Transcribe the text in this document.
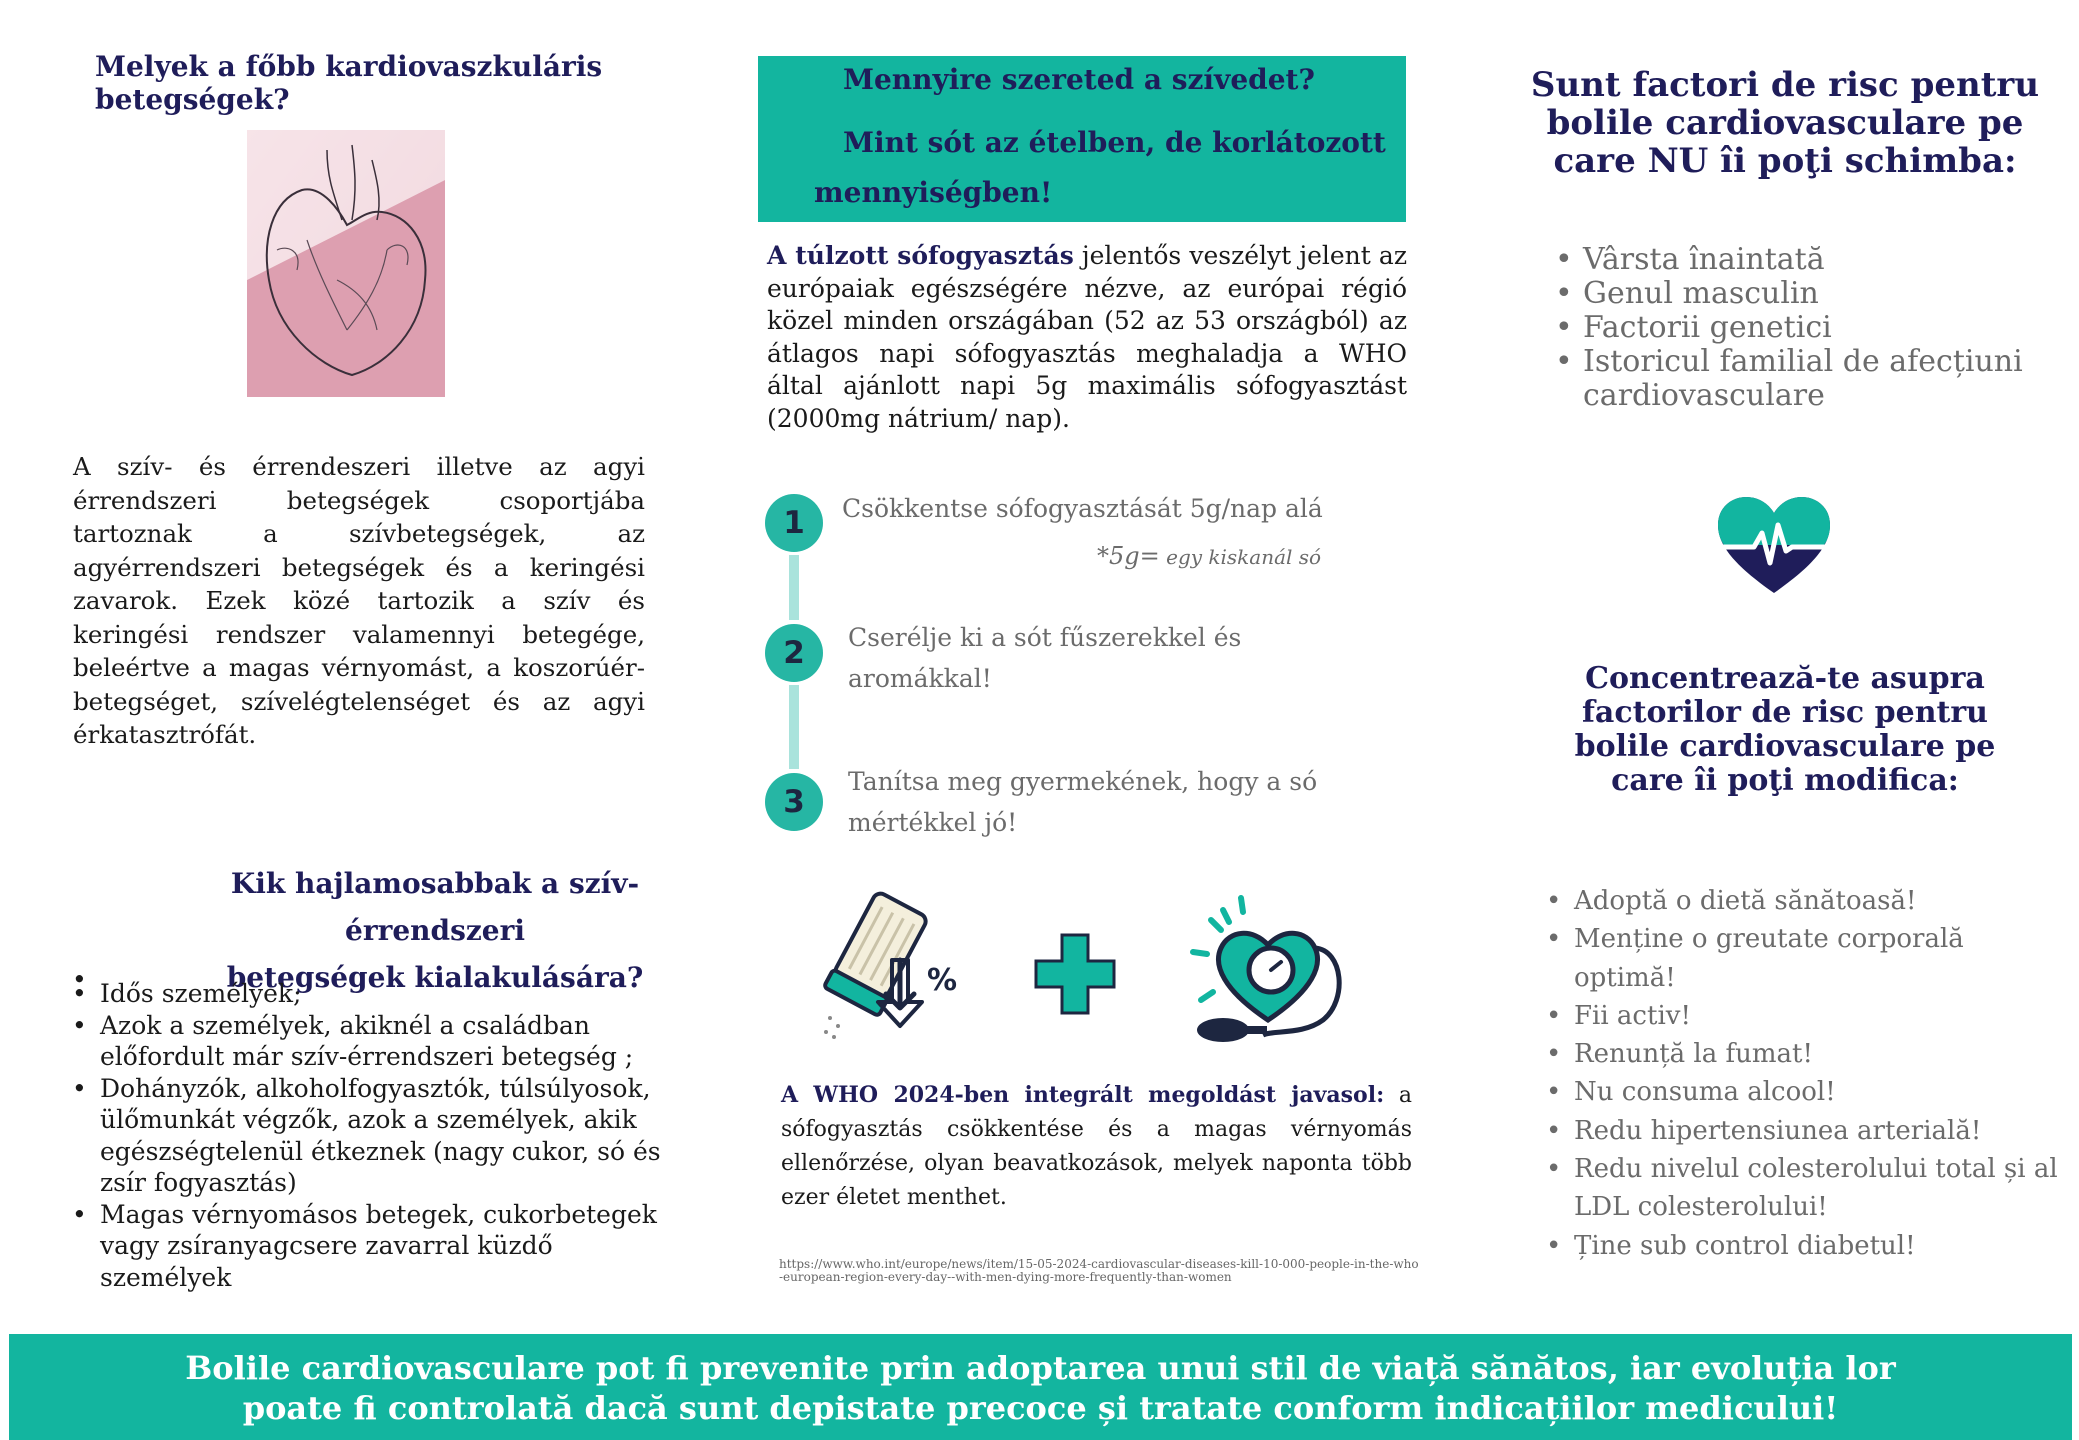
Melyek a főbb kardiovaszkuláris betegségek?
A szív- és érrendeszeri illetve az agyi érrendszeri betegségek csoportjába tartoznak a szívbetegségek, az agyérrendszeri betegségek és a keringési zavarok. Ezek közé tartozik a szív és keringési rendszer valamennyi betegége, beleértve a magas vérnyomást, a koszorúér-betegséget, szívelégtelenséget és az agyi érkatasztrófát.
Kik hajlamosabbak a szív-érrendszeri
betegségek kialakulására?
•
• Idős személyek;
• Azok a személyek, akiknél a családban előfordult már szív-érrendszeri betegség ;
• Dohányzók, alkoholfogyasztók, túlsúlyosok, ülőmunkát végzők, azok a személyek, akik egészségtelenül étkeznek (nagy cukor, só és zsír fogyasztás)
• Magas vérnyomásos betegek, cukorbetegek vagy zsíranyagcsere zavarral küzdő személyek
Mennyire szereted a szívedet?
Mint sót az ételben, de korlátozott
mennyiségben!
A túlzott sófogyasztás jelentős veszélyt jelent az európaiak egészségére nézve, az európai régió közel minden országában (52 az 53 országból) az átlagos napi sófogyasztás meghaladja a WHO által ajánlott napi 5g maximális sófogyasztást (2000mg nátrium/ nap).
1
2
3
Csökkentse sófogyasztását 5g/nap alá
*5g= egy kiskanál só
Cserélje ki a sót fűszerekkel és aromákkal!
Tanítsa meg gyermekének, hogy a só mértékkel jó!
%
A WHO 2024-ben integrált megoldást javasol: a sófogyasztás csökkentése és a magas vérnyomás ellenőrzése, olyan beavatkozások, melyek naponta több ezer életet menthet.
https://www.who.int/europe/news/item/15-05-2024-cardiovascular-diseases-kill-10-000-people-in-the-who-european-region-every-day--with-men-dying-more-frequently-than-women
Sunt factori de risc pentru bolile cardiovasculare pe care NU îi poţi schimba:
• Vârsta înaintată
• Genul masculin
• Factorii genetici
• Istoricul familial de afecțiuni cardiovasculare
Concentrează-te asupra factorilor de risc pentru bolile cardiovasculare pe care îi poţi modifica:
• Adoptă o dietă sănătoasă!
• Menține o greutate corporală optimă!
• Fii activ!
• Renunță la fumat!
• Nu consuma alcool!
• Redu hipertensiunea arterială!
• Redu nivelul colesterolului total și al LDL colesterolului!
• Ține sub control diabetul!
Bolile cardiovasculare pot fi prevenite prin adoptarea unui stil de viață sănătos, iar evoluția lor
poate fi controlată dacă sunt depistate precoce și tratate conform indicațiilor medicului!
